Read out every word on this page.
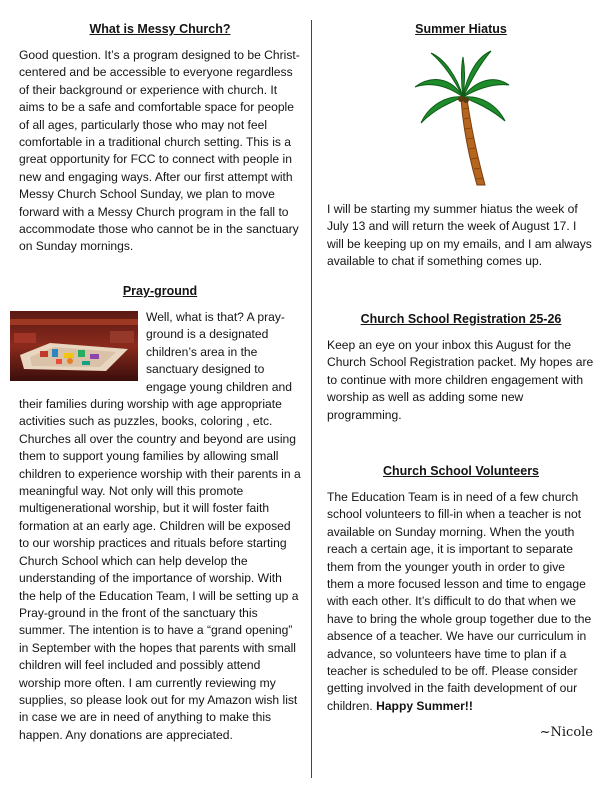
What is Messy Church?

Good question. It’s a program designed to be Christ-centered and be accessible to everyone regardless of their background or experience with church. It aims to be a safe and comfortable space for people of all ages, particularly those who may not feel comfortable in a traditional church setting. This is a great opportunity for FCC to connect with people in new and engaging ways. After our first attempt with Messy Church School Sunday, we plan to move forward with a Messy Church program in the fall to accommodate those who cannot be in the sanctuary on Sunday mornings.

Pray-ground

Well, what is that? A pray-ground is a designated children’s area in the sanctuary designed to engage young children and their families during worship with age appropriate activities such as puzzles, books, coloring , etc. Churches all over the country and beyond are using them to support young families by allowing small children to experience worship with their parents in a meaningful way. Not only will this promote multigenerational worship, but it will foster faith formation at an early age. Children will be exposed to our worship practices and rituals before starting Church School which can help develop the understanding of the importance of worship. With the help of the Education Team, I will be setting up a Pray-ground in the front of the sanctuary this summer. The intention is to have a “grand opening” in September with the hopes that parents with small children will feel included and possibly attend worship more often. I am currently reviewing my supplies, so please look out for my Amazon wish list in case we are in need of anything to make this happen. Any donations are appreciated.

Summer Hiatus

I will be starting my summer hiatus the week of July 13 and will return the week of August 17. I will be keeping up on my emails, and I am always available to chat if something comes up.

Church School Registration 25-26

Keep an eye on your inbox this August for the Church School Registration packet. My hopes are to continue with more children engagement with worship as well as adding some new programming.

Church School Volunteers

The Education Team is in need of a few church school volunteers to fill-in when a teacher is not available on Sunday morning. When the youth reach a certain age, it is important to separate them from the younger youth in order to give them a more focused lesson and time to engage with each other. It’s difficult to do that when we have to bring the whole group together due to the absence of a teacher. We have our curriculum in advance, so volunteers have time to plan if a teacher is scheduled to be off. Please consider getting involved in the faith development of our children. Happy Summer!!

~Nicole
